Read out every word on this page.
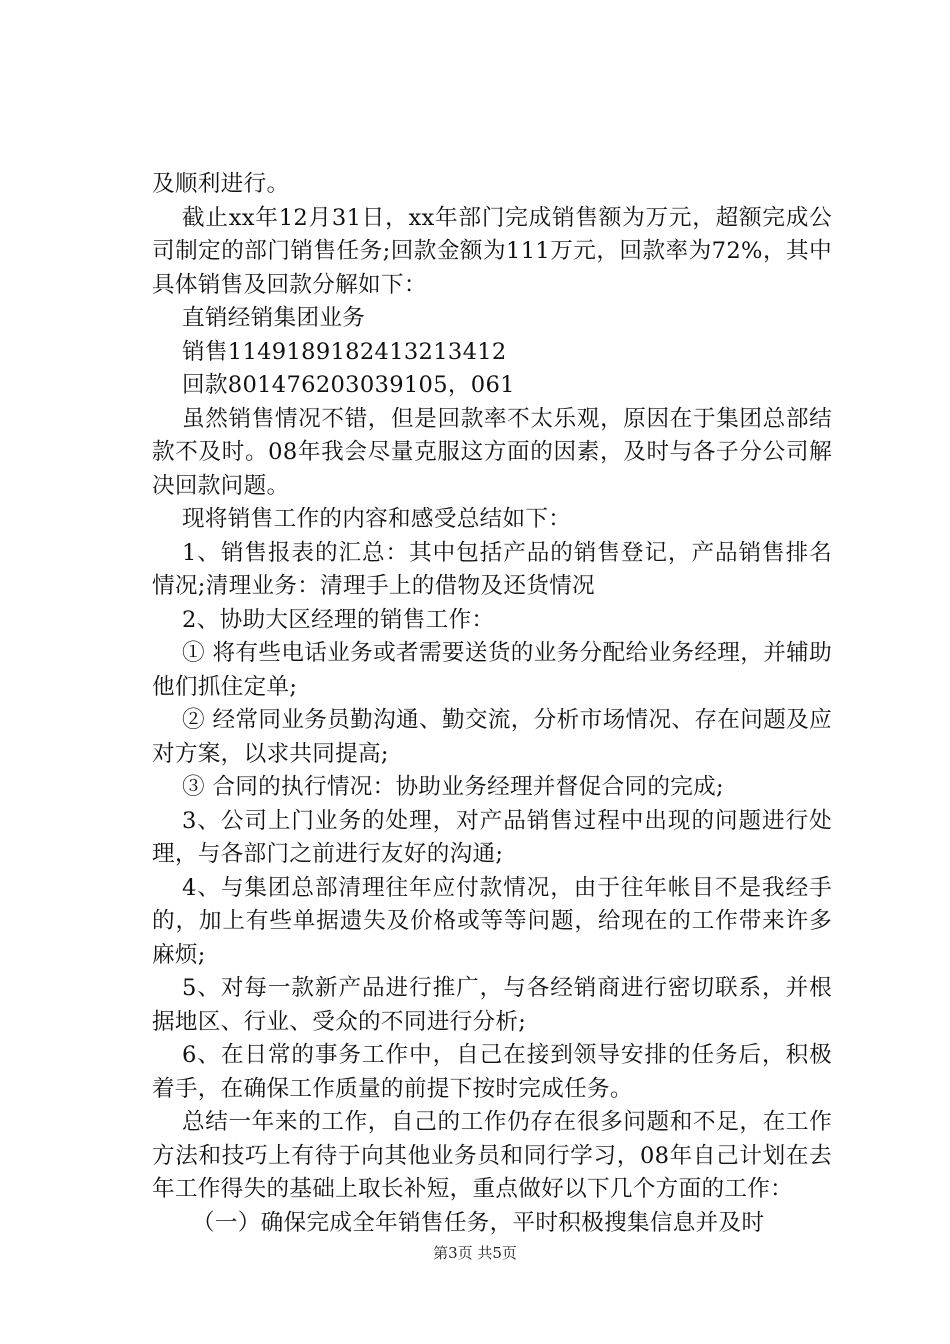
及顺利进行。

截止xx年12月31日，xx年部门完成销售额为万元，超额完成公司制定的部门销售任务;回款金额为111万元，回款率为72%，其中具体销售及回款分解如下：

直销经销集团业务

销售114918918241321341​2

回款801476203039105，061

虽然销售情况不错，但是回款率不太乐观，原因在于集团总部结款不及时。08年我会尽量克服这方面的因素，及时与各子分公司解决回款问题。

现将销售工作的内容和感受总结如下：

1、销售报表的汇总：其中包括产品的销售登记，产品销售排名情况;清理业务：清理手上的借物及还货情况

2、协助大区经理的销售工作：

① 将有些电话业务或者需要送货的业务分配给业务经理，并辅助他们抓住定单;

② 经常同业务员勤沟通、勤交流，分析市场情况、存在问题及应对方案，以求共同提高;

③ 合同的执行情况：协助业务经理并督促合同的完成;

3、公司上门业务的处理，对产品销售过程中出现的问题进行处理，与各部门之前进行友好的沟通;

4、与集团总部清理往年应付款情况，由于往年帐目不是我经手的，加上有些单据遗失及价格或等等问题，给现在的工作带来许多麻烦;

5、对每一款新产品进行推广，与各经销商进行密切联系，并根据地区、行业、受众的不同进行分析;

6、在日常的事务工作中，自己在接到领导安排的任务后，积极着手，在确保工作质量的前提下按时完成任务。

总结一年来的工作，自己的工作仍存在很多问题和不足，在工作方法和技巧上有待于向其他业务员和同行学习，08年自己计划在去年工作得失的基础上取长补短，重点做好以下几个方面的工作：

（一）确保完成全年销售任务，平时积极搜集信息并及时

第3页 共5页
